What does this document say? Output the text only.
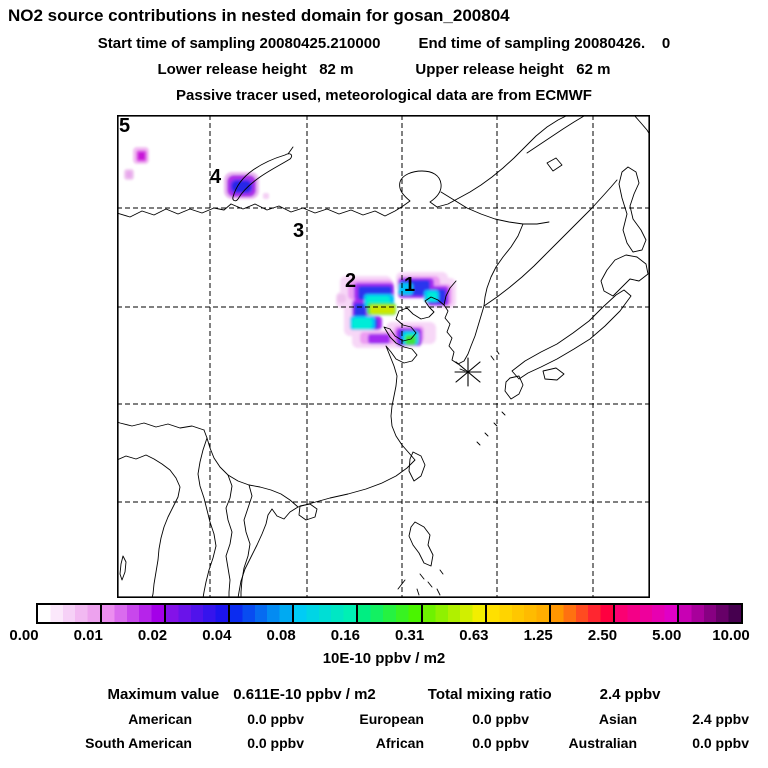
NO2 source contributions in nested domain for gosan_200804
Start time of sampling 20080425.210000	End time of sampling 20080426.    0
Lower release height   82 m	Upper release height   62 m
Passive tracer used, meteorological data are from ECMWF
1
2
3
4
5
0.00 0.01 0.02 0.04 0.08 0.16 0.31 0.63 1.25 2.50 5.00 10.00
10E-10 ppbv / m2
Maximum value 0.611E-10 ppbv / m2	Total mixing ratio	2.4 ppbv
American	0.0 ppbv	European	0.0 ppbv	Asian	2.4 ppbv
South American	0.0 ppbv	African	0.0 ppbv	Australian	0.0 ppbv
